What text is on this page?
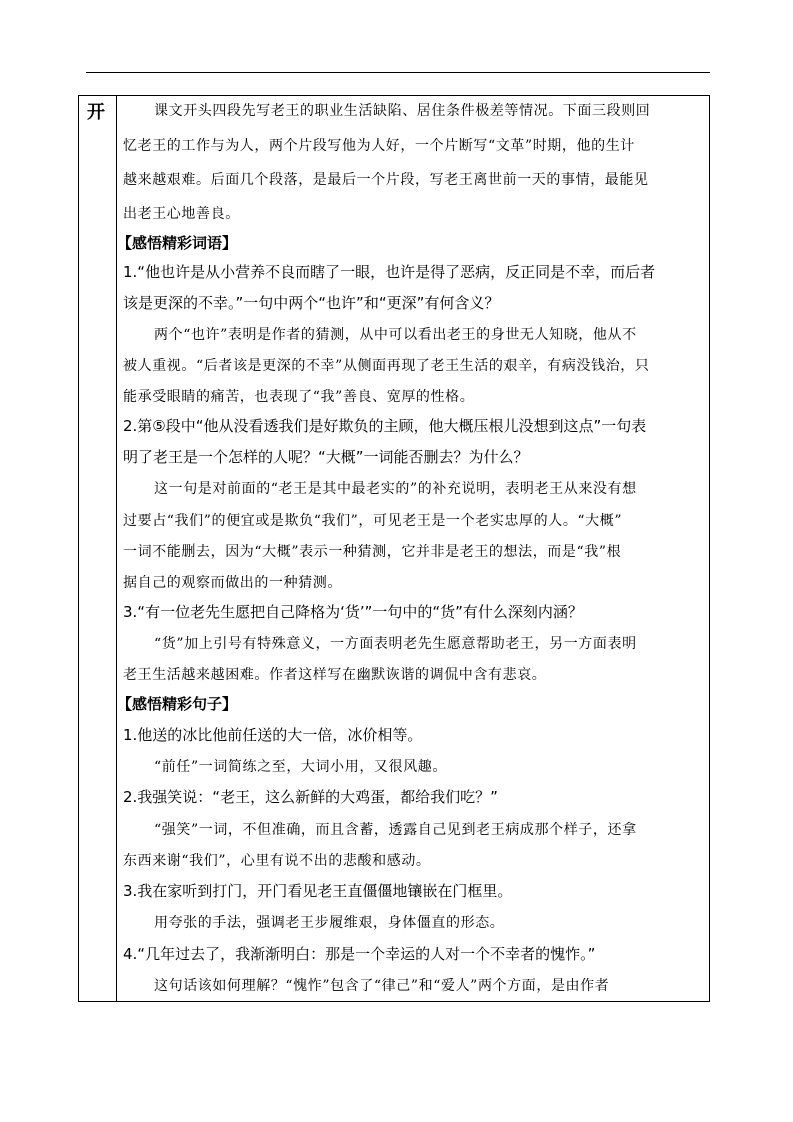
开	课文开头四段先写老王的职业生活缺陷、居住条件极差等情况。下面三段则回
忆老王的工作与为人，两个片段写他为人好，一个片断写“文革”时期，他的生计
越来越艰难。后面几个段落，是最后一个片段，写老王离世前一天的事情，最能见
出老王心地善良。
【感悟精彩词语】
1.“他也许是从小营养不良而瞎了一眼，也许是得了恶病，反正同是不幸，而后者
该是更深的不幸。”一句中两个“也许”和“更深”有何含义？
两个“也许”表明是作者的猜测，从中可以看出老王的身世无人知晓，他从不
被人重视。“后者该是更深的不幸”从侧面再现了老王生活的艰辛，有病没钱治，只
能承受眼睛的痛苦，也表现了“我”善良、宽厚的性格。
2.第⑤段中“他从没看透我们是好欺负的主顾，他大概压根儿没想到这点”一句表
明了老王是一个怎样的人呢？“大概”一词能否删去？为什么？
这一句是对前面的“老王是其中最老实的”的补充说明，表明老王从来没有想
过要占“我们”的便宜或是欺负“我们”，可见老王是一个老实忠厚的人。“大概”
一词不能删去，因为“大概”表示一种猜测，它并非是老王的想法，而是“我”根
据自己的观察而做出的一种猜测。
3.“有一位老先生愿把自己降格为‘货’”一句中的“货”有什么深刻内涵？
“货”加上引号有特殊意义，一方面表明老先生愿意帮助老王，另一方面表明
老王生活越来越困难。作者这样写在幽默诙谐的调侃中含有悲哀。
【感悟精彩句子】
1.他送的冰比他前任送的大一倍，冰价相等。
“前任”一词简练之至，大词小用，又很风趣。
2.我强笑说：“老王，这么新鲜的大鸡蛋，都给我们吃？”
“强笑”一词，不但准确，而且含蓄，透露自己见到老王病成那个样子，还拿
东西来谢“我们”，心里有说不出的悲酸和感动。
3.我在家听到打门，开门看见老王直僵僵地镶嵌在门框里。
用夸张的手法，强调老王步履维艰，身体僵直的形态。
4.“几年过去了，我渐渐明白：那是一个幸运的人对一个不幸者的愧怍。”
这句话该如何理解？“愧怍”包含了“律己”和“爱人”两个方面，是由作者
